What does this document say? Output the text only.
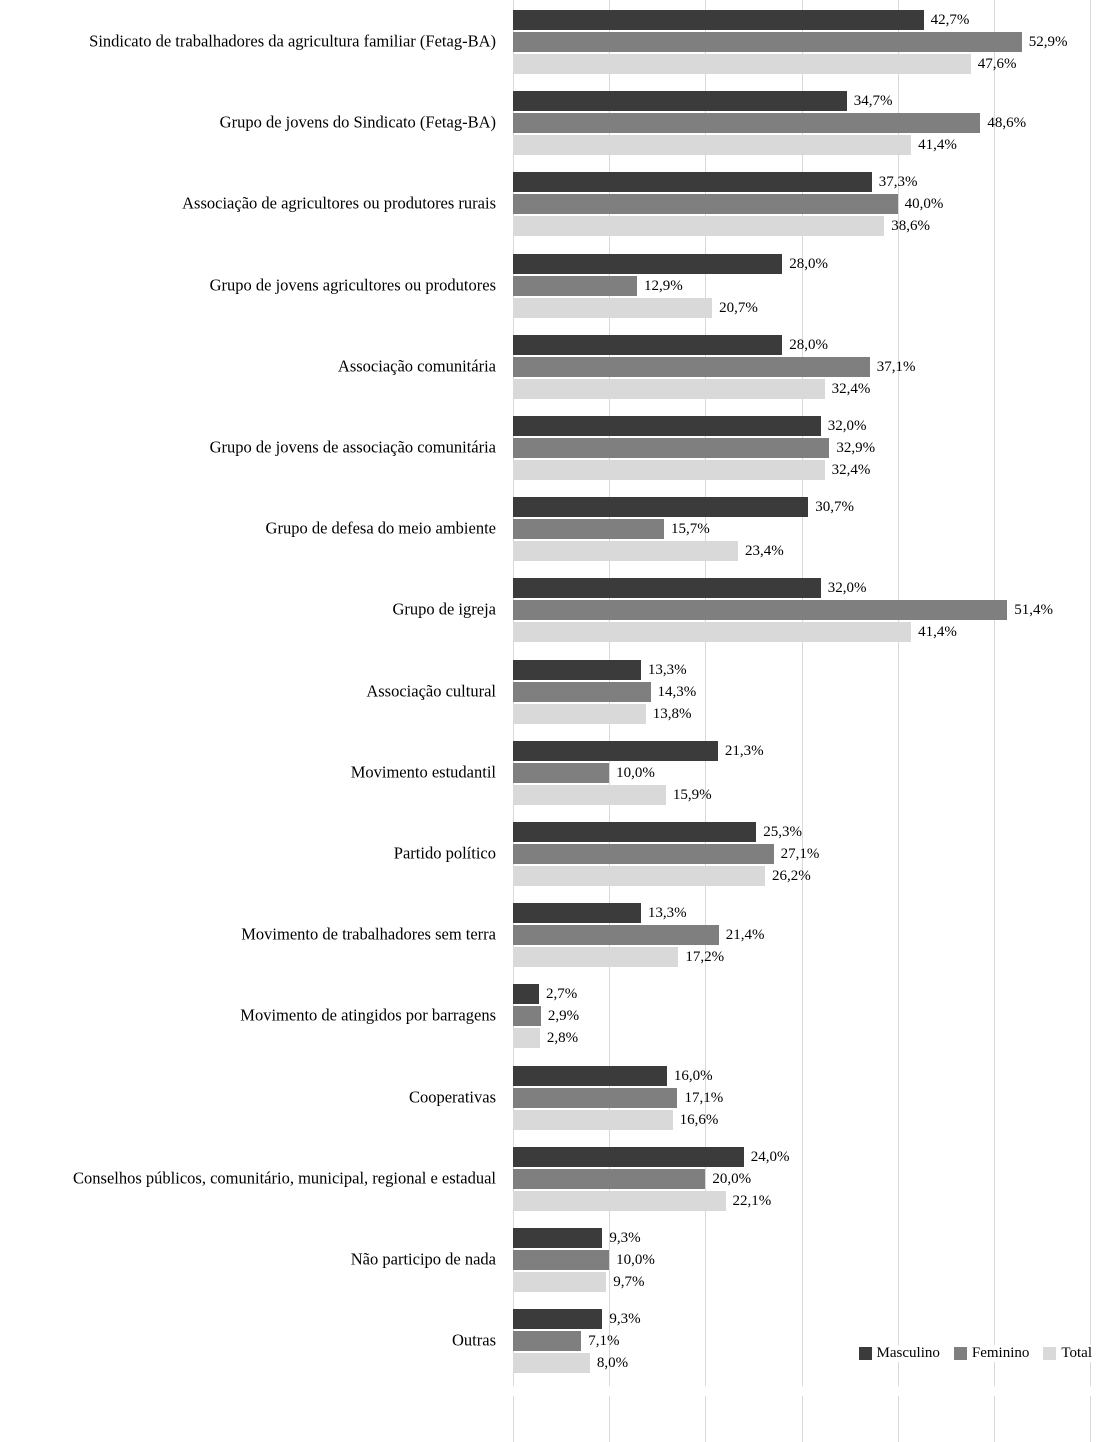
Sindicato de trabalhadores da agricultura familiar (Fetag-BA)
42,7%
52,9%
47,6%
Grupo de jovens do Sindicato (Fetag-BA)
34,7%
48,6%
41,4%
Associação de agricultores ou produtores rurais
37,3%
40,0%
38,6%
Grupo de jovens agricultores ou produtores
28,0%
12,9%
20,7%
Associação comunitária
28,0%
37,1%
32,4%
Grupo de jovens de associação comunitária
32,0%
32,9%
32,4%
Grupo de defesa do meio ambiente
30,7%
15,7%
23,4%
Grupo de igreja
32,0%
51,4%
41,4%
Associação cultural
13,3%
14,3%
13,8%
Movimento estudantil
21,3%
10,0%
15,9%
Partido político
25,3%
27,1%
26,2%
Movimento de trabalhadores sem terra
13,3%
21,4%
17,2%
Movimento de atingidos por barragens
2,7%
2,9%
2,8%
Cooperativas
16,0%
17,1%
16,6%
Conselhos públicos, comunitário, municipal, regional e estadual
24,0%
20,0%
22,1%
Não participo de nada
9,3%
10,0%
9,7%
Outras
9,3%
7,1%
8,0%
Masculino Feminino Total
